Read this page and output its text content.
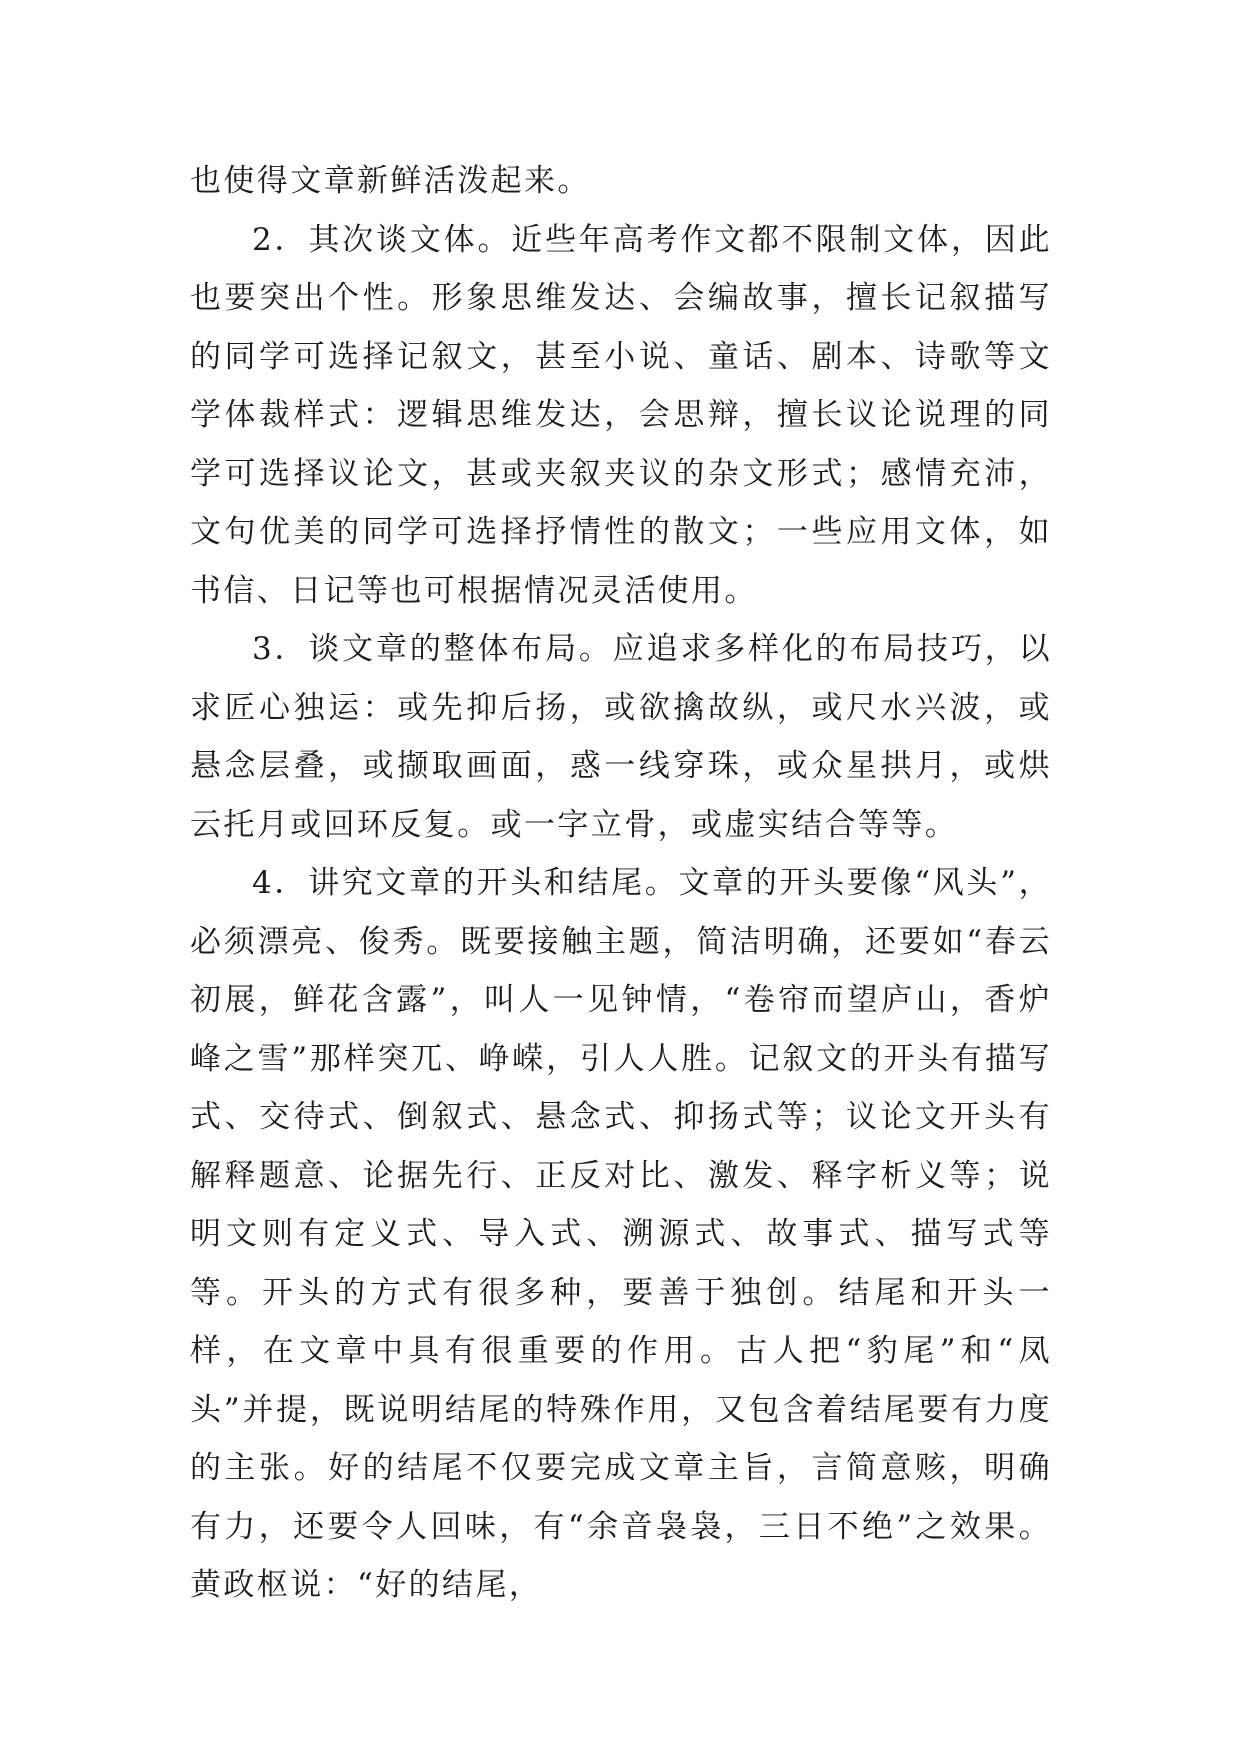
也使得文章新鲜活泼起来。

2．其次谈文体。近些年高考作文都不限制文体，因此也要突出个性。形象思维发达、会编故事，擅长记叙描写的同学可选择记叙文，甚至小说、童话、剧本、诗歌等文学体裁样式：逻辑思维发达，会思辩，擅长议论说理的同学可选择议论文，甚或夹叙夹议的杂文形式；感情充沛，文句优美的同学可选择抒情性的散文；一些应用文体，如书信、日记等也可根据情况灵活使用。

3．谈文章的整体布局。应追求多样化的布局技巧，以求匠心独运：或先抑后扬，或欲擒故纵，或尺水兴波，或悬念层叠，或撷取画面，惑一线穿珠，或众星拱月，或烘云托月或回环反复。或一字立骨，或虚实结合等等。

4．讲究文章的开头和结尾。文章的开头要像“风头”，必须漂亮、俊秀。既要接触主题，简洁明确，还要如“春云初展，鲜花含露”，叫人一见钟情，“卷帘而望庐山，香炉峰之雪”那样突兀、峥嵘，引人人胜。记叙文的开头有描写式、交待式、倒叙式、悬念式、抑扬式等；议论文开头有解释题意、论据先行、正反对比、激发、释字析义等；说明文则有定义式、导入式、溯源式、故事式、描写式等等。开头的方式有很多种，要善于独创。结尾和开头一样，在文章中具有很重要的作用。古人把“豹尾”和“凤头”并提，既说明结尾的特殊作用，又包含着结尾要有力度的主张。好的结尾不仅要完成文章主旨，言简意赅，明确有力，还要令人回味，有“余音袅袅，三日不绝”之效果。黄政枢说：“好的结尾，
